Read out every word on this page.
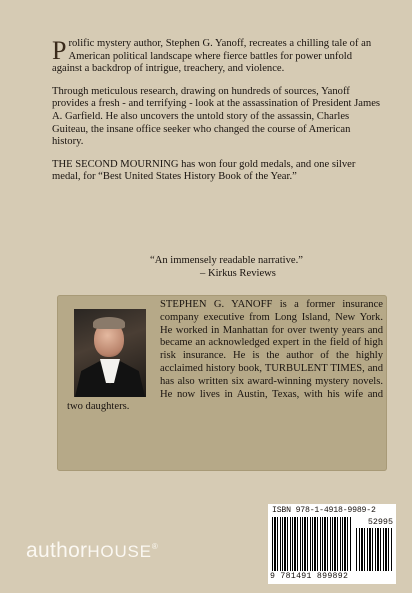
Prolific mystery author, Stephen G. Yanoff, recreates a chilling tale of an American political landscape where fierce battles for power unfold against a backdrop of intrigue, treachery, and violence.

Through meticulous research, drawing on hundreds of sources, Yanoff provides a fresh - and terrifying - look at the assassination of President James A. Garfield. He also uncovers the untold story of the assassin, Charles Guiteau, the insane office seeker who changed the course of American history.

THE SECOND MOURNING has won four gold medals, and one silver medal, for “Best United States History Book of the Year.”

“An immensely readable narrative.”
– Kirkus Reviews

STEPHEN G. YANOFF is a former insurance company executive from Long Island, New York. He worked in Manhattan for over twenty years and became an acknowledged expert in the field of high risk insurance. He is the author of the highly acclaimed history book, TURBULENT TIMES, and has also written six award-winning mystery novels. He now lives in Austin, Texas, with his wife and two daughters.

authorHOUSE®
ISBN 978-1-4918-9989-2
52995
9 781491 899892
